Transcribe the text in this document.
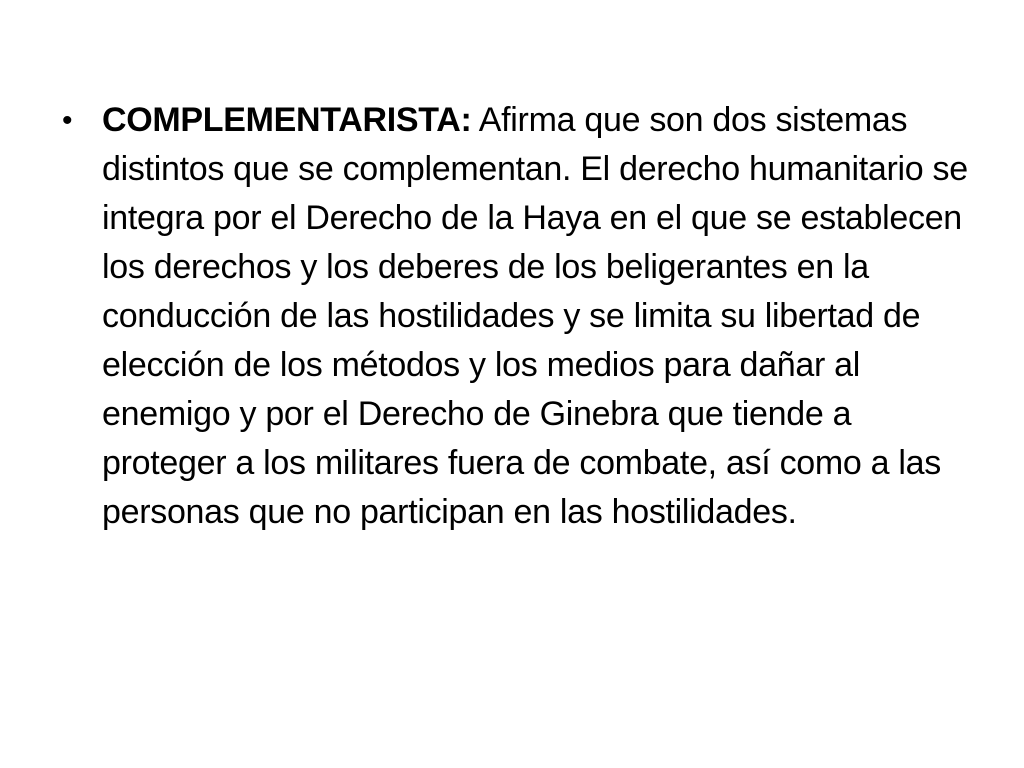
• COMPLEMENTARISTA: Afirma que son dos sistemas distintos que se complementan. El derecho humanitario se integra por el Derecho de la Haya en el que se establecen los derechos y los deberes de los beligerantes en la conducción de las hostilidades y se limita su libertad de elección de los métodos y los medios para dañar al enemigo y por el Derecho de Ginebra que tiende a proteger a los militares fuera de combate, así como a las personas que no participan en las hostilidades.
